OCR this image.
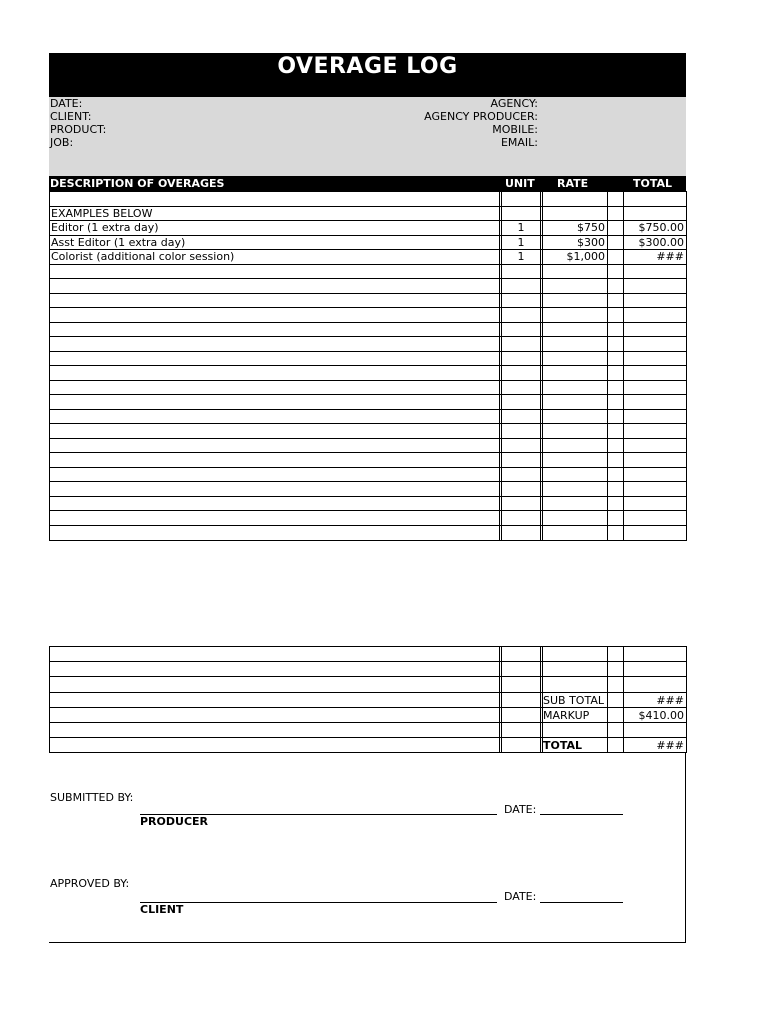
OVERAGE LOG
DATE:	AGENCY:
CLIENT:	AGENCY PRODUCER:
PRODUCT:	MOBILE:
JOB:	EMAIL:
DESCRIPTION OF OVERAGES	UNIT RATE	TOTAL
EXAMPLES BELOW
Editor (1 extra day)	1	$750	$750.00
Asst Editor (1 extra day)	1	$300	$300.00
Colorist (additional color session)	1	$1,000	###
SUB TOTAL	###
MARKUP	$410.00
TOTAL	###
SUBMITTED BY:
PRODUCER
DATE:
APPROVED BY:
CLIENT
DATE:
